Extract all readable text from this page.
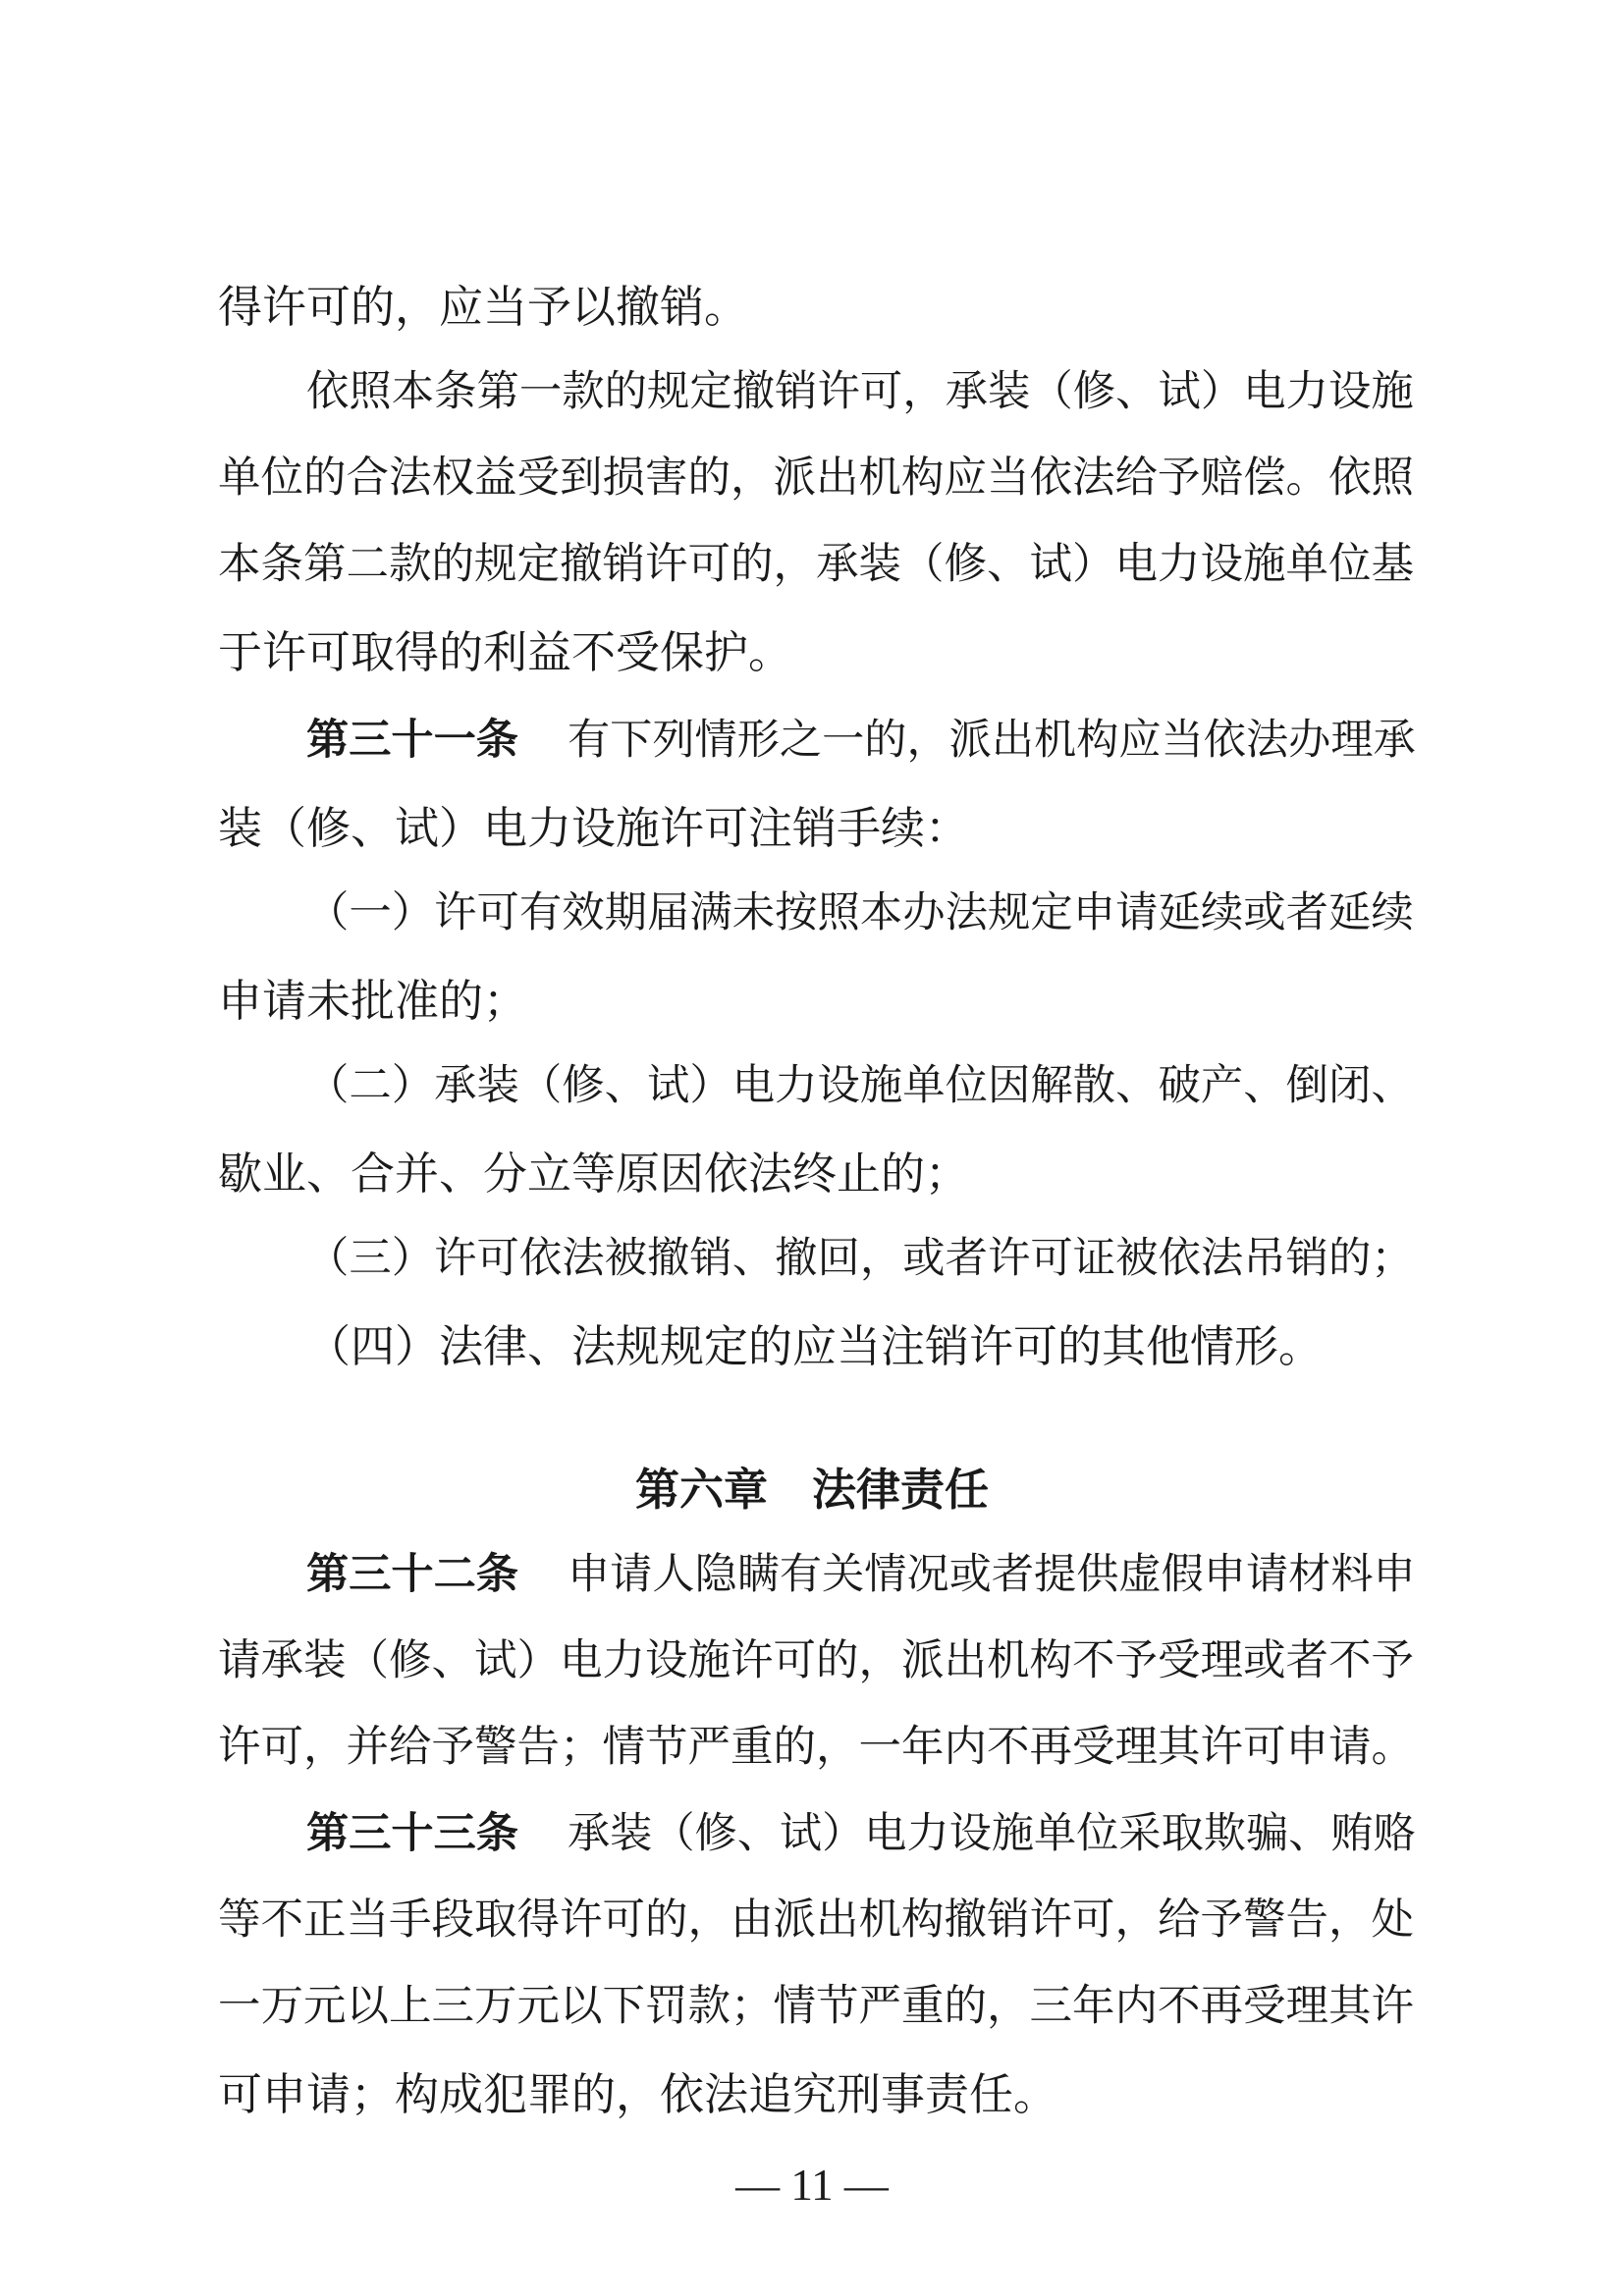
得许可的，应当予以撤销。
依照本条第一款的规定撤销许可，承装（修、试）电力设施
单位的合法权益受到损害的，派出机构应当依法给予赔偿。依照
本条第二款的规定撤销许可的，承装（修、试）电力设施单位基
于许可取得的利益不受保护。
第三十一条 有下列情形之一的，派出机构应当依法办理承
装（修、试）电力设施许可注销手续：
（一）许可有效期届满未按照本办法规定申请延续或者延续
申请未批准的；
（二）承装（修、试）电力设施单位因解散、破产、倒闭、
歇业、合并、分立等原因依法终止的；
（三）许可依法被撤销、撤回，或者许可证被依法吊销的；
（四）法律、法规规定的应当注销许可的其他情形。
第六章 法律责任
第三十二条 申请人隐瞒有关情况或者提供虚假申请材料申
请承装（修、试）电力设施许可的，派出机构不予受理或者不予
许可，并给予警告；情节严重的，一年内不再受理其许可申请。
第三十三条 承装（修、试）电力设施单位采取欺骗、贿赂
等不正当手段取得许可的，由派出机构撤销许可，给予警告，处
一万元以上三万元以下罚款；情节严重的，三年内不再受理其许
可申请；构成犯罪的，依法追究刑事责任。
— 11 —
